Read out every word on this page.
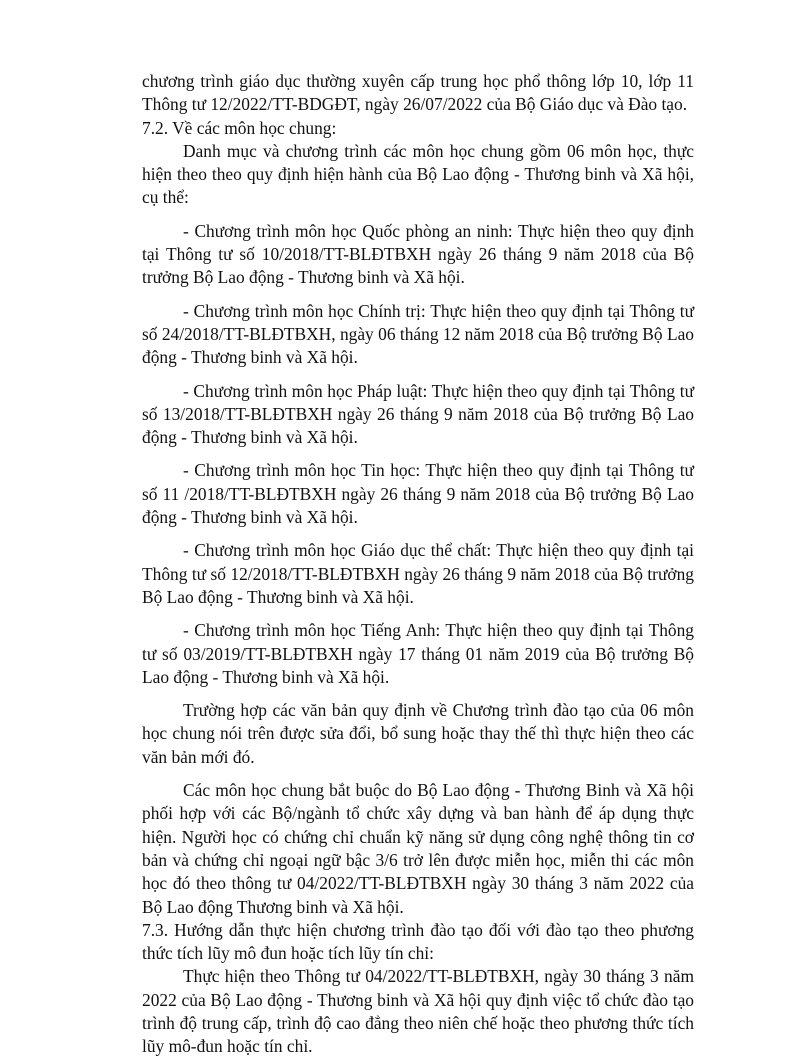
chương trình giáo dục thường xuyên cấp trung học phổ thông lớp 10, lớp 11 Thông tư 12/2022/TT-BDGĐT, ngày 26/07/2022 của Bộ Giáo dục và Đào tạo.

7.2. Về các môn học chung:

Danh mục và chương trình các môn học chung gồm 06 môn học, thực hiện theo theo quy định hiện hành của Bộ Lao động - Thương binh và Xã hội, cụ thể:

- Chương trình môn học Quốc phòng an ninh: Thực hiện theo quy định tại Thông tư số 10/2018/TT-BLĐTBXH ngày 26 tháng 9 năm 2018 của Bộ trưởng Bộ Lao động - Thương binh và Xã hội.

- Chương trình môn học Chính trị: Thực hiện theo quy định tại Thông tư số 24/2018/TT-BLĐTBXH, ngày 06 tháng 12 năm 2018 của Bộ trưởng Bộ Lao động - Thương binh và Xã hội.

- Chương trình môn học Pháp luật: Thực hiện theo quy định tại Thông tư số 13/2018/TT-BLĐTBXH ngày 26 tháng 9 năm 2018 của Bộ trưởng Bộ Lao động - Thương binh và Xã hội.

- Chương trình môn học Tin học: Thực hiện theo quy định tại Thông tư số 11 /2018/TT-BLĐTBXH ngày 26 tháng 9 năm 2018 của Bộ trưởng Bộ Lao động - Thương binh và Xã hội.

- Chương trình môn học Giáo dục thể chất: Thực hiện theo quy định tại Thông tư số 12/2018/TT-BLĐTBXH ngày 26 tháng 9 năm 2018 của Bộ trưởng Bộ Lao động - Thương binh và Xã hội.

- Chương trình môn học Tiếng Anh: Thực hiện theo quy định tại Thông tư số 03/2019/TT-BLĐTBXH ngày 17 tháng 01 năm 2019 của Bộ trưởng Bộ Lao động - Thương binh và Xã hội.

Trường hợp các văn bản quy định về Chương trình đào tạo của 06 môn học chung nói trên được sửa đổi, bổ sung hoặc thay thế thì thực hiện theo các văn bản mới đó.

Các môn học chung bắt buộc do Bộ Lao động - Thương Binh và Xã hội phối hợp với các Bộ/ngành tổ chức xây dựng và ban hành để áp dụng thực hiện. Người học có chứng chỉ chuẩn kỹ năng sử dụng công nghệ thông tin cơ bản và chứng chỉ ngoại ngữ bậc 3/6 trở lên được miễn học, miễn thi các môn học đó theo thông tư 04/2022/TT-BLĐTBXH ngày 30 tháng 3 năm 2022 của Bộ Lao động Thương binh và Xã hội.

7.3. Hướng dẫn thực hiện chương trình đào tạo đối với đào tạo theo phương thức tích lũy mô đun hoặc tích lũy tín chỉ:

Thực hiện theo Thông tư 04/2022/TT-BLĐTBXH, ngày 30 tháng 3 năm 2022 của Bộ Lao động - Thương binh và Xã hội quy định việc tổ chức đào tạo trình độ trung cấp, trình độ cao đẳng theo niên chế hoặc theo phương thức tích lũy mô-đun hoặc tín chỉ.
